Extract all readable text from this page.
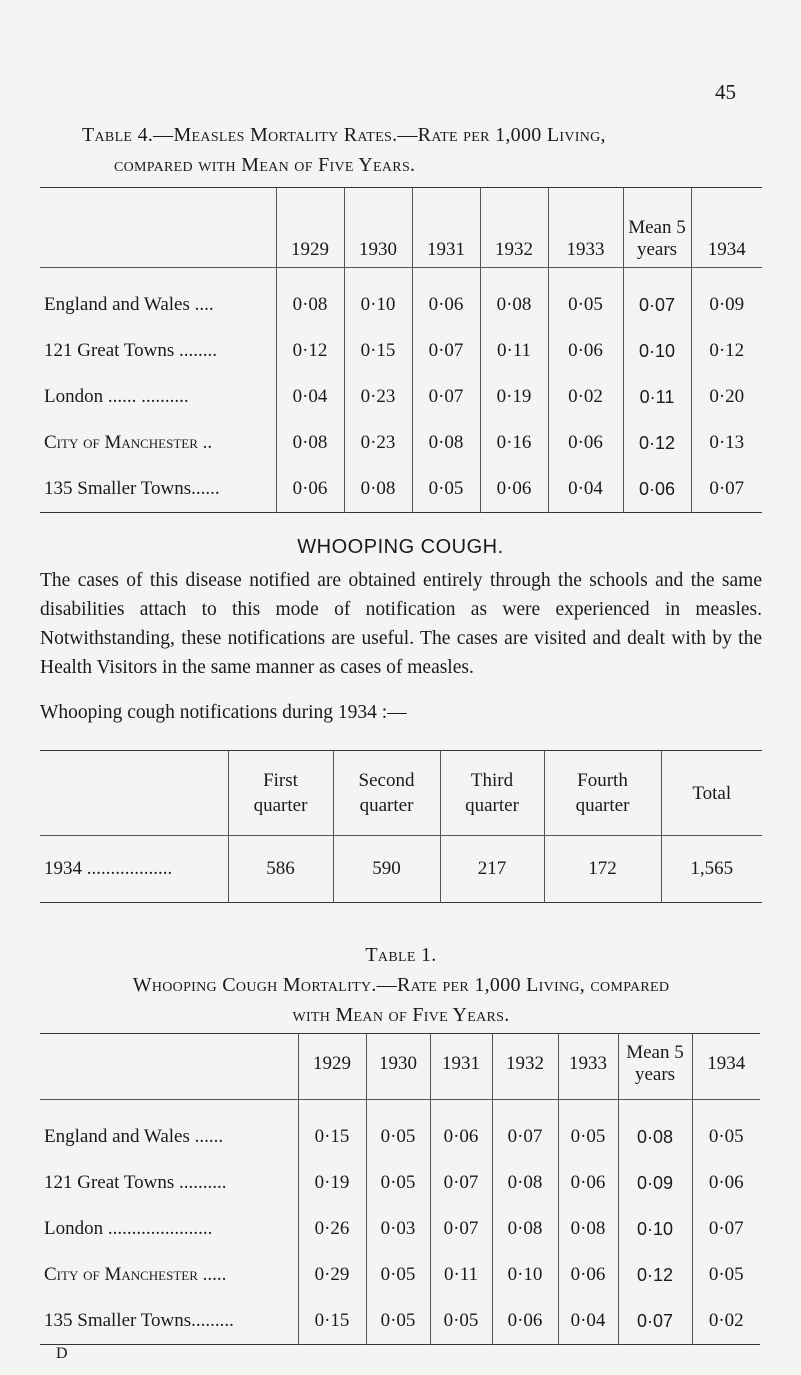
45
Table 4.—Measles Mortality Rates.—Rate per 1,000 Living,
compared with Mean of Five Years.
	1929	1930	1931	1932	1933	Mean 5 years	1934
England and Wales ....	0·08	0·10	0·06	0·08	0·05	0·07	0·09
121 Great Towns ........	0·12	0·15	0·07	0·11	0·06	0·10	0·12
London ...... ..........	0·04	0·23	0·07	0·19	0·02	0·11	0·20
City of Manchester ..	0·08	0·23	0·08	0·16	0·06	0·12	0·13
135 Smaller Towns......	0·06	0·08	0·05	0·06	0·04	0·06	0·07
WHOOPING COUGH.
The cases of this disease notified are obtained entirely through the schools and the same disabilities attach to this mode of notification as were experienced in measles. Notwithstanding, these notifications are useful. The cases are visited and dealt with by the Health Visitors in the same manner as cases of measles.
Whooping cough notifications during 1934 :—
	First quarter	Second quarter	Third quarter	Fourth quarter	Total
1934 ..................	586	590	217	172	1,565
Table 1.
Whooping Cough Mortality.—Rate per 1,000 Living, compared
with Mean of Five Years.
	1929	1930	1931	1932	1933	Mean 5 years	1934
England and Wales ......	0·15	0·05	0·06	0·07	0·05	0·08	0·05
121 Great Towns ..........	0·19	0·05	0·07	0·08	0·06	0·09	0·06
London ......................	0·26	0·03	0·07	0·08	0·08	0·10	0·07
City of Manchester .....	0·29	0·05	0·11	0·10	0·06	0·12	0·05
135 Smaller Towns.........	0·15	0·05	0·05	0·06	0·04	0·07	0·02
D
